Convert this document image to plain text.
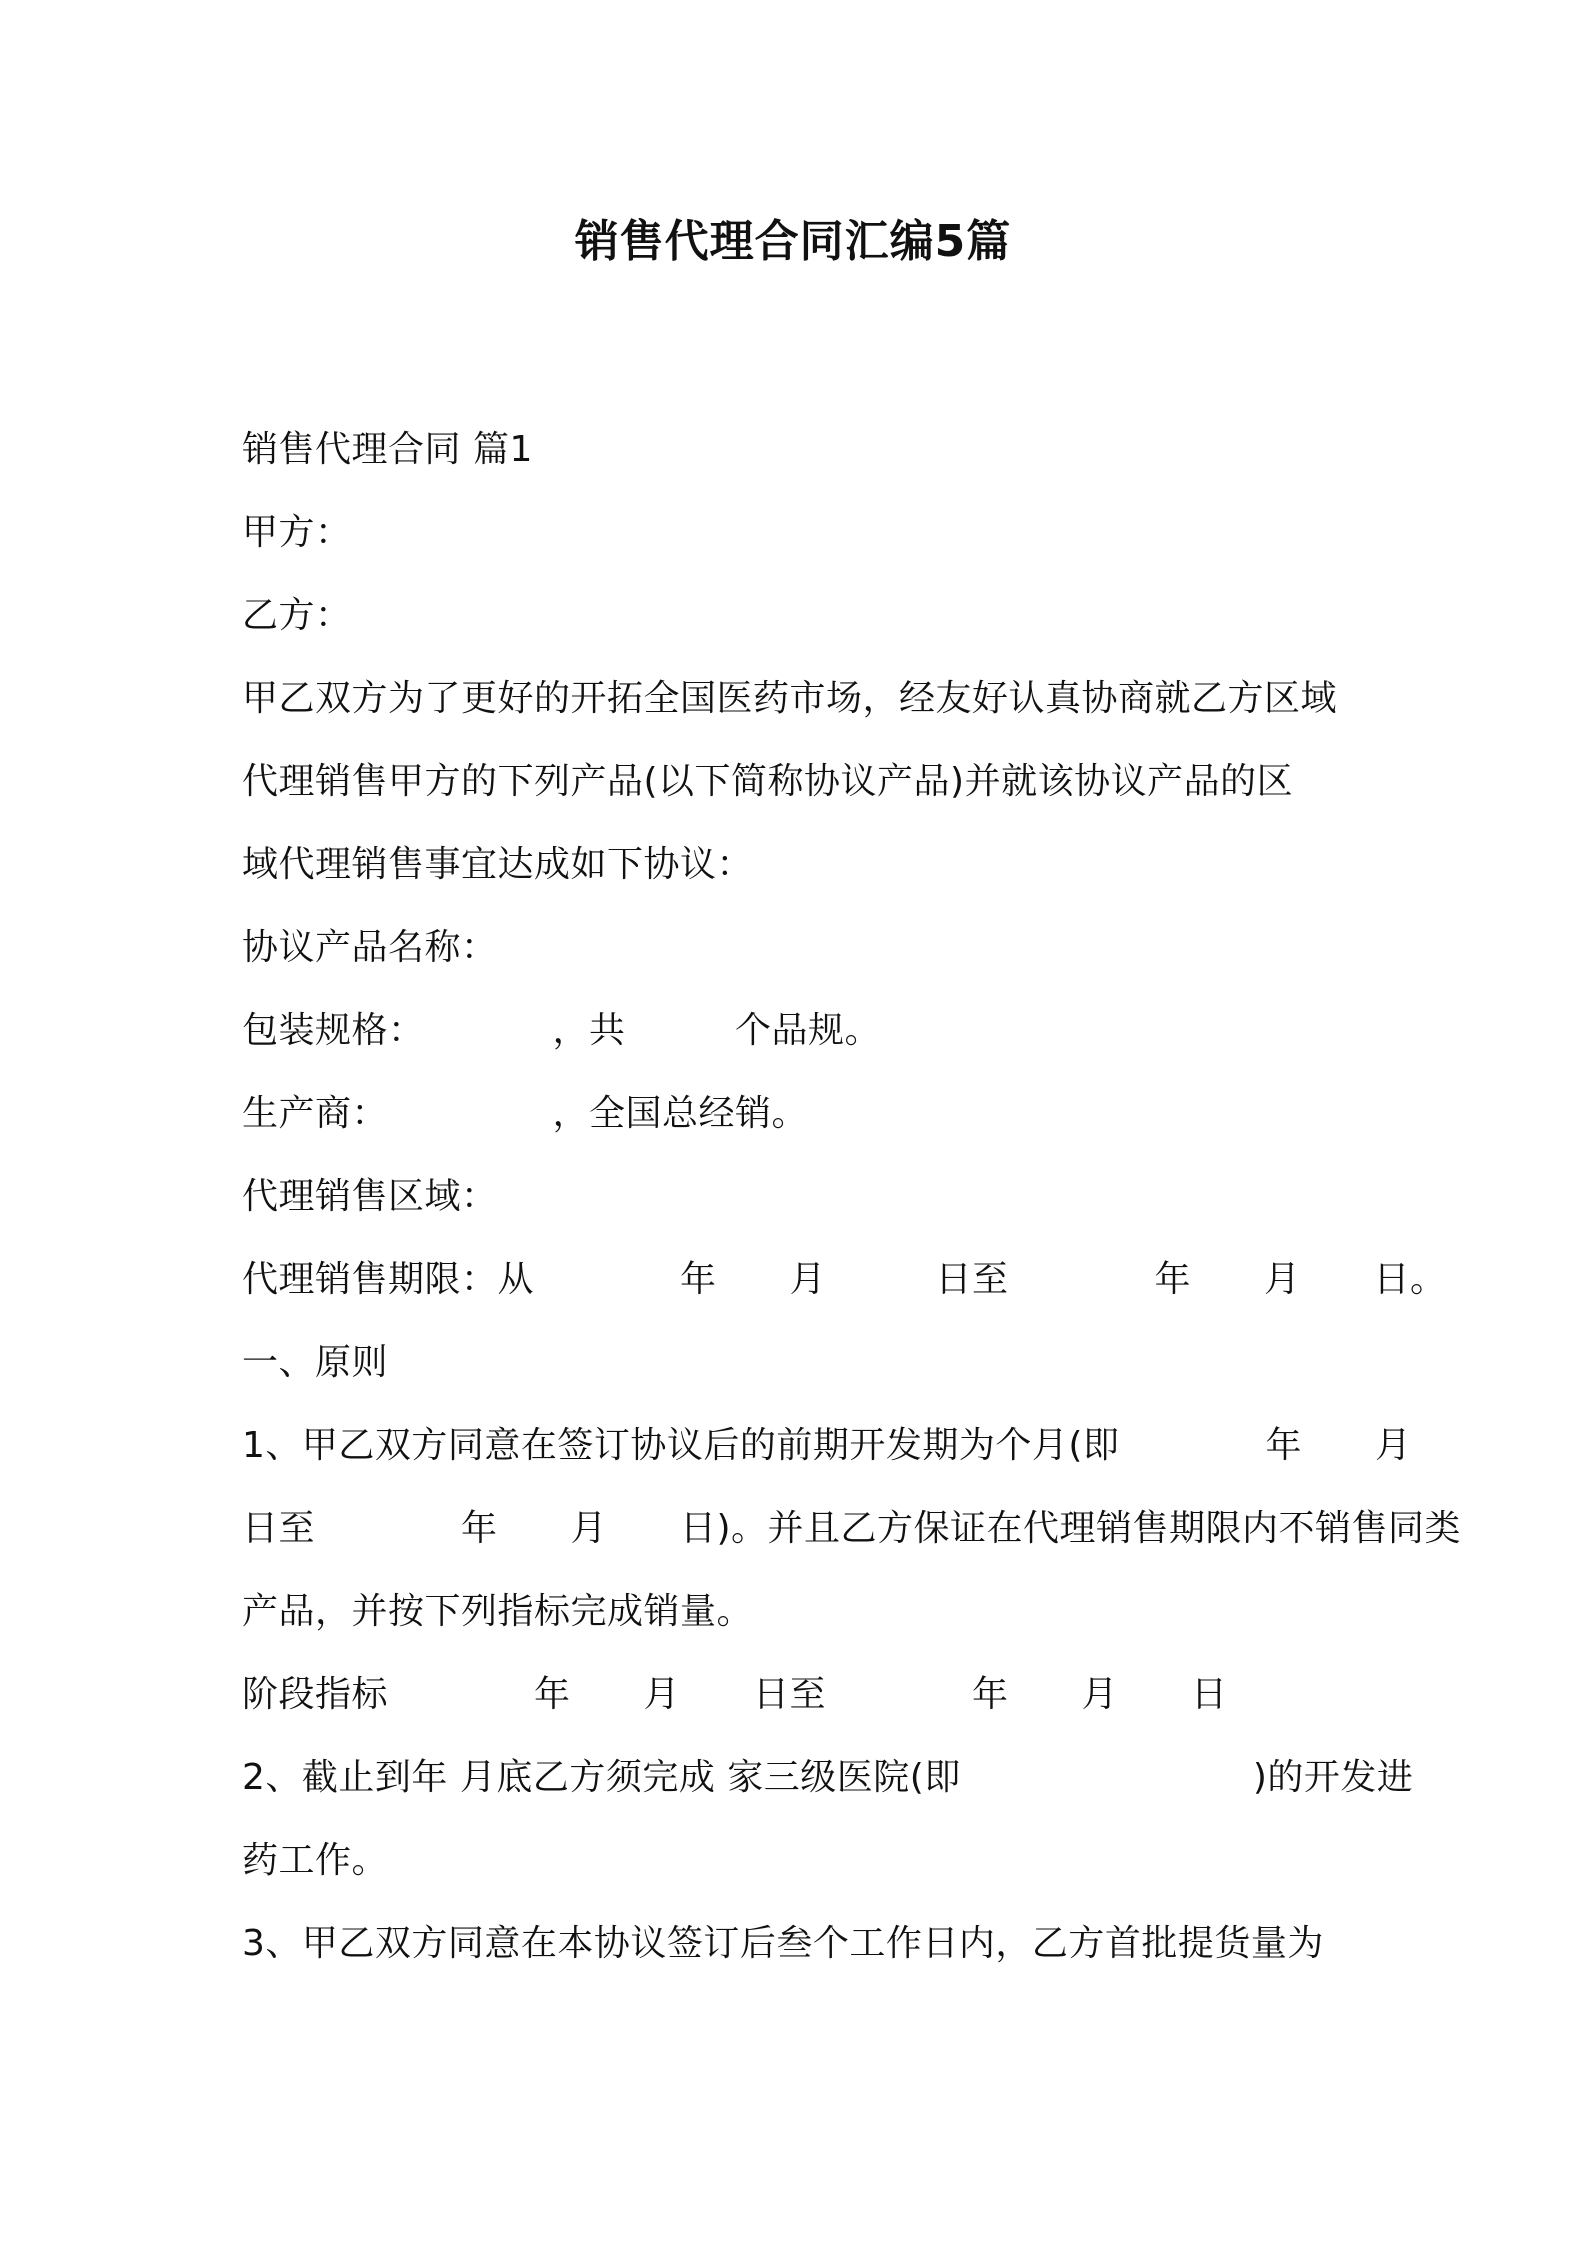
销售代理合同汇编5篇
销售代理合同 篇1
甲方：
乙方：
甲乙双方为了更好的开拓全国医药市场，经友好认真协商就乙方区域
代理销售甲方的下列产品(以下简称协议产品)并就该协议产品的区
域代理销售事宜达成如下协议：
协议产品名称：
包装规格：　　　　，共　　　个品规。
生产商：　　　　　，全国总经销。
代理销售区域：
代理销售期限：从　　　　年　　月　　　日至　　　　年　　月　　日。
一、原则
1、甲乙双方同意在签订协议后的前期开发期为个月(即　　　　年　　月
日至　　　　年　　月　　日)。并且乙方保证在代理销售期限内不销售同类
产品，并按下列指标完成销量。
阶段指标　　　　年　　月　　日至　　　　年　　月　　日
2、截止到年 月底乙方须完成 家三级医院(即　　　　　　　　)的开发进
药工作。
3、甲乙双方同意在本协议签订后叁个工作日内，乙方首批提货量为
